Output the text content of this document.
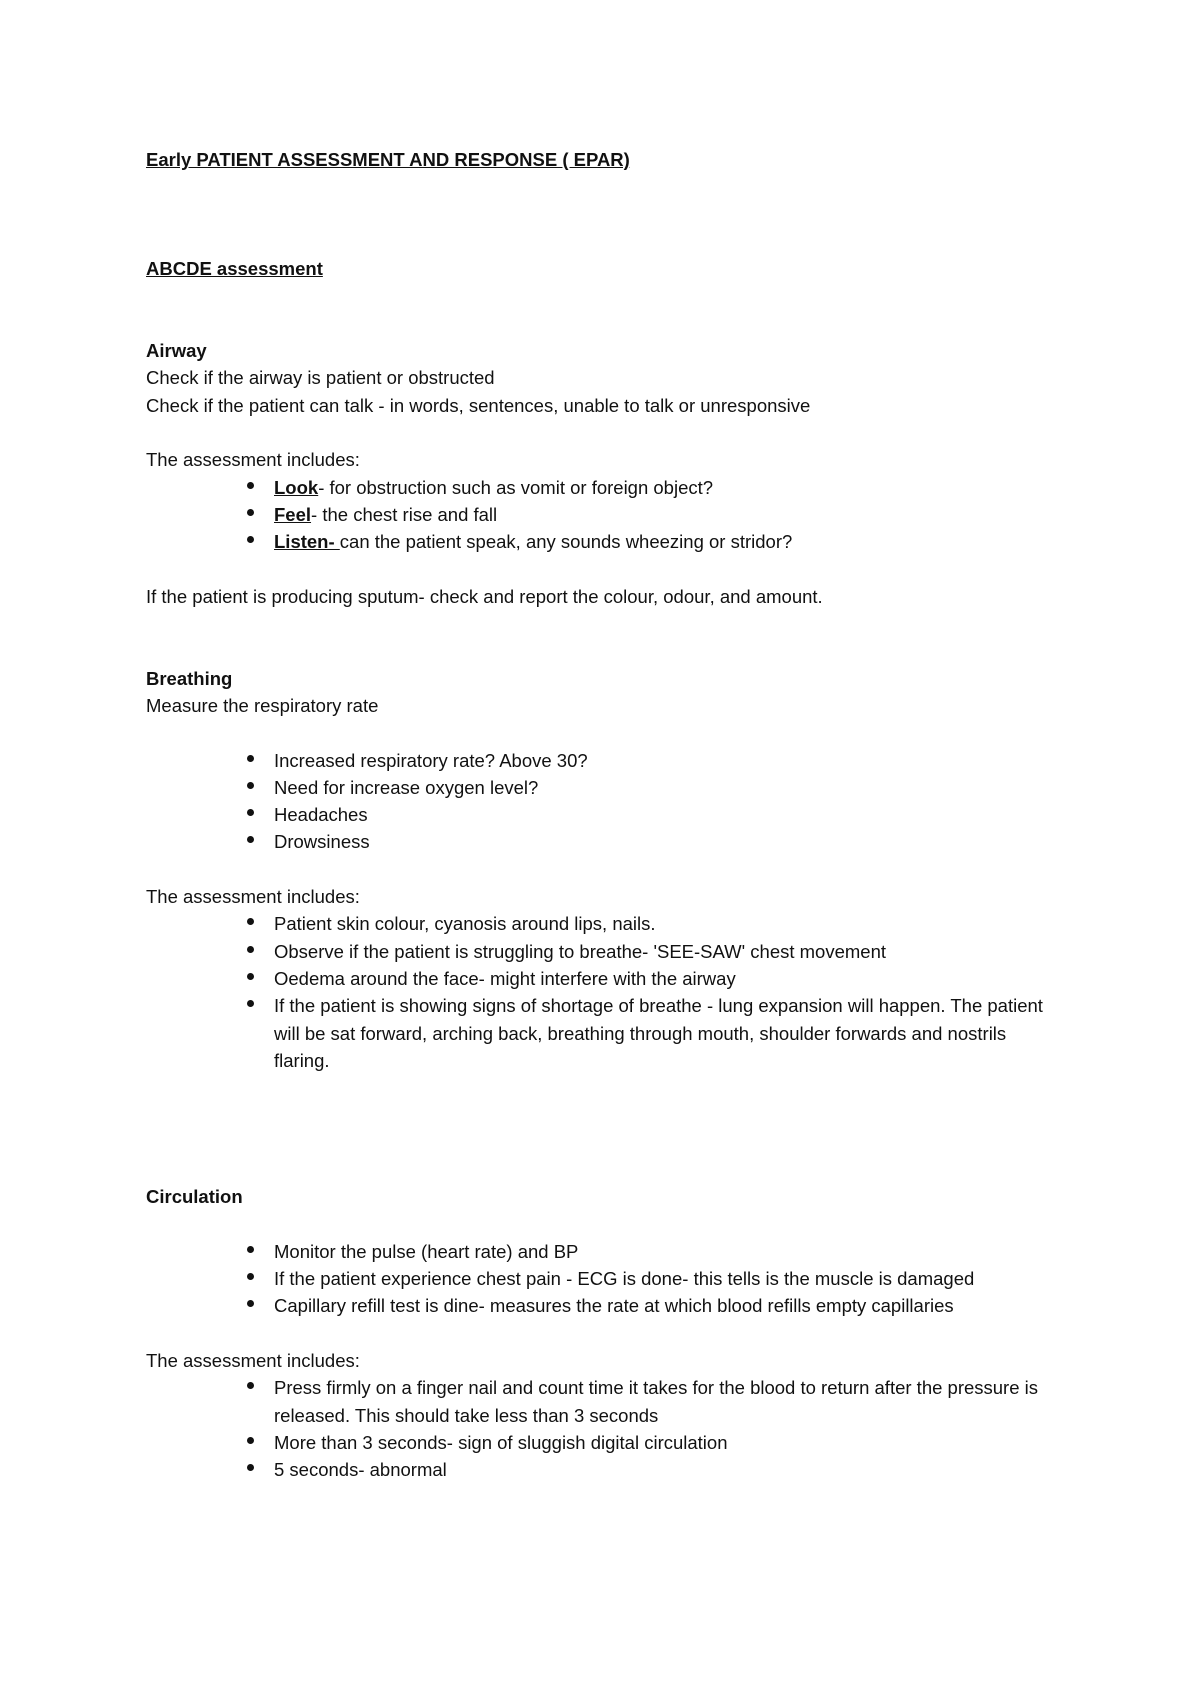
Early PATIENT ASSESSMENT AND RESPONSE ( EPAR)

ABCDE assessment

Airway

Check if the airway is patient or obstructed

Check if the patient can talk - in words, sentences, unable to talk or unresponsive

The assessment includes:

Look- for obstruction such as vomit or foreign object?
Feel- the chest rise and fall
Listen- can the patient speak, any sounds wheezing or stridor?

If the patient is producing sputum- check and report the colour, odour, and amount.

Breathing

Measure the respiratory rate

Increased respiratory rate? Above 30?
Need for increase oxygen level?
Headaches
Drowsiness

The assessment includes:

Patient skin colour, cyanosis around lips, nails.
Observe if the patient is struggling to breathe- 'SEE-SAW' chest movement
Oedema around the face- might interfere with the airway
If the patient is showing signs of shortage of breathe - lung expansion will happen. The patient will be sat forward, arching back, breathing through mouth, shoulder forwards and nostrils flaring.

Circulation

Monitor the pulse (heart rate) and BP
If the patient experience chest pain - ECG is done- this tells is the muscle is damaged
Capillary refill test is dine- measures the rate at which blood refills empty capillaries

The assessment includes:

Press firmly on a finger nail and count time it takes for the blood to return after the pressure is released. This should take less than 3 seconds
More than 3 seconds- sign of sluggish digital circulation
5 seconds- abnormal
